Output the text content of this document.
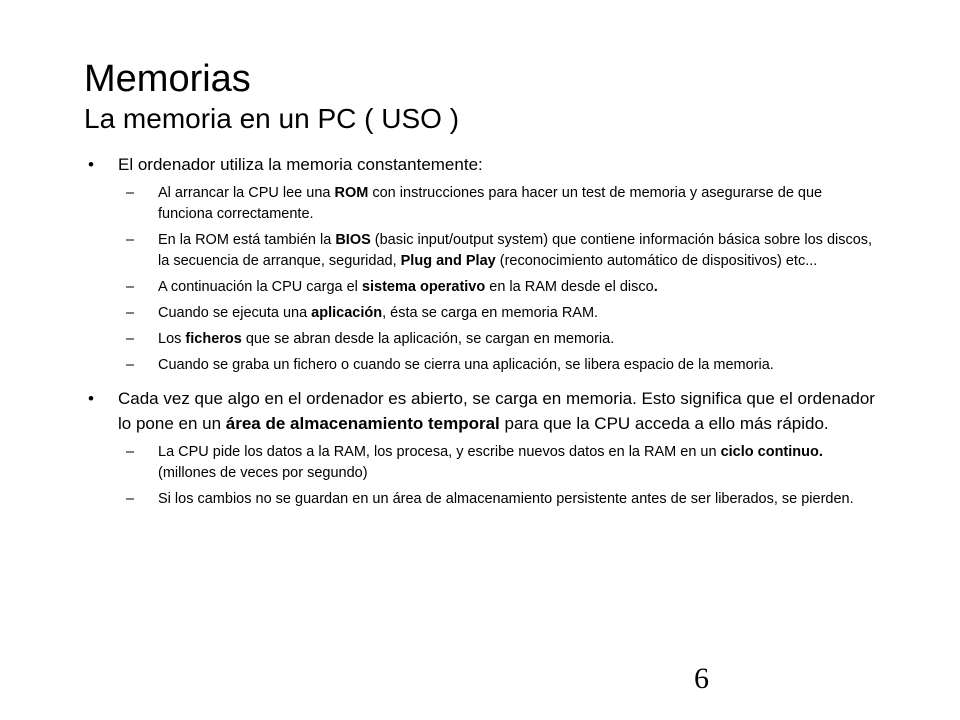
Memorias
La memoria en un PC ( USO )
• El ordenador utiliza la memoria constantemente:
– Al arrancar la CPU lee una ROM con instrucciones para hacer un test de memoria y asegurarse de que funciona correctamente.
– En la ROM está también la BIOS (basic input/output system) que contiene información básica sobre los discos, la secuencia de arranque, seguridad, Plug and Play (reconocimiento automático de dispositivos) etc...
– A continuación la CPU carga el sistema operativo en la RAM desde el disco.
– Cuando se ejecuta una aplicación, ésta se carga en memoria RAM.
– Los ficheros que se abran desde la aplicación, se cargan en memoria.
– Cuando se graba un fichero o cuando se cierra una aplicación, se libera espacio de la memoria.
• Cada vez que algo en el ordenador es abierto, se carga en memoria. Esto significa que el ordenador lo pone en un área de almacenamiento temporal para que la CPU acceda a ello más rápido.
– La CPU pide los datos a la RAM, los procesa, y escribe nuevos datos en la RAM en un ciclo continuo. (millones de veces por segundo)
– Si los cambios no se guardan en un área de almacenamiento persistente antes de ser liberados, se pierden.
6
